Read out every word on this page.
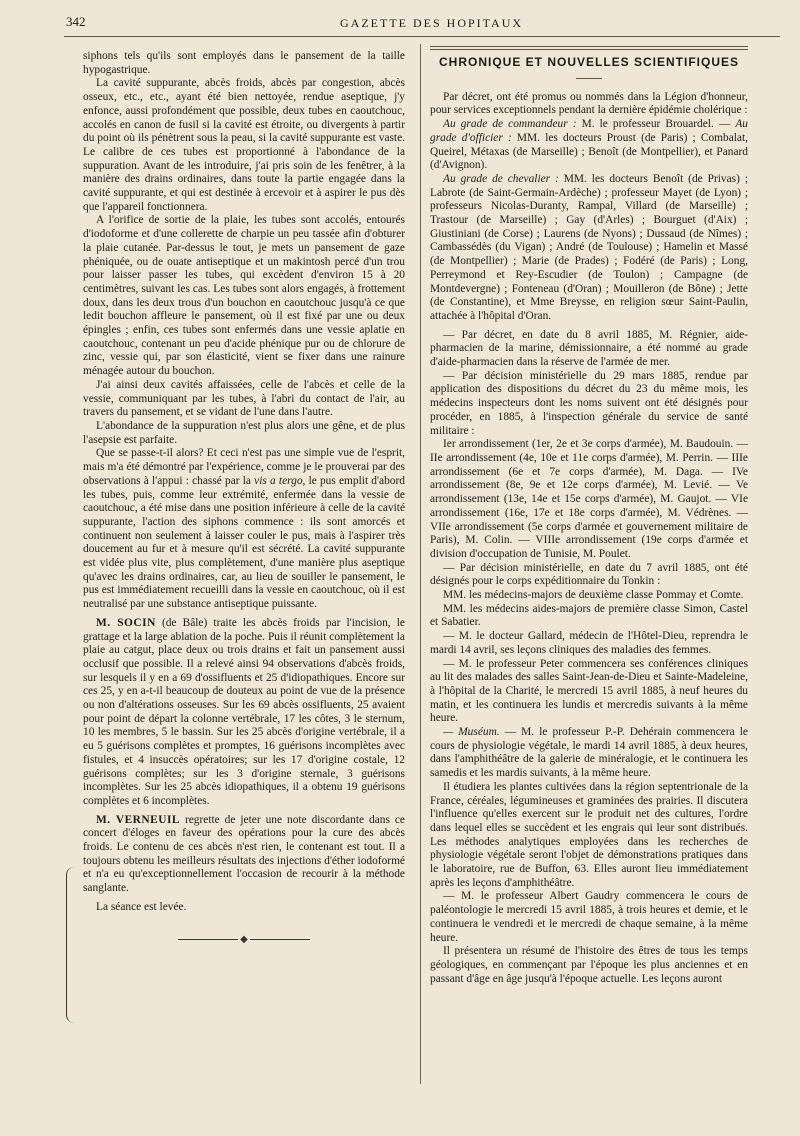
342	GAZETTE DES HOPITAUX

siphons tels qu'ils sont employés dans le pansement de la taille hypogastrique.

La cavité suppurante, abcès froids, abcès par congestion, abcès osseux, etc., etc., ayant été bien nettoyée, rendue aseptique, j'y enfonce, aussi profondément que possible, deux tubes en caoutchouc, accolés en canon de fusil si la cavité est étroite, ou divergents à partir du point où ils pénètrent sous la peau, si la cavité suppurante est vaste. Le calibre de ces tubes est proportionné à l'abondance de la suppuration. Avant de les introduire, j'ai pris soin de les fenêtrer, à la manière des drains ordinaires, dans toute la partie engagée dans la cavité suppurante, et qui est destinée à ercevoir et à aspirer le pus dès que l'appareil fonctionnera.

A l'orifice de sortie de la plaie, les tubes sont accolés, entourés d'iodoforme et d'une collerette de charpie un peu tassée afin d'obturer la plaie cutanée. Par-dessus le tout, je mets un pansement de gaze phéniquée, ou de ouate antiseptique et un makintosh percé d'un trou pour laisser passer les tubes, qui excèdent d'environ 15 à 20 centimètres, suivant les cas. Les tubes sont alors engagés, à frottement doux, dans les deux trous d'un bouchon en caoutchouc jusqu'à ce que ledit bouchon affleure le pansement, où il est fixé par une ou deux épingles ; enfin, ces tubes sont enfermés dans une vessie aplatie en caoutchouc, contenant un peu d'acide phénique pur ou de chlorure de zinc, vessie qui, par son élasticité, vient se fixer dans une rainure ménagée autour du bouchon.

J'ai ainsi deux cavités affaissées, celle de l'abcès et celle de la vessie, communiquant par les tubes, à l'abri du contact de l'air, au travers du pansement, et se vidant de l'une dans l'autre.

L'abondance de la suppuration n'est plus alors une gêne, et de plus l'asepsie est parfaite.

Que se passe-t-il alors? Et ceci n'est pas une simple vue de l'esprit, mais m'a été démontré par l'expérience, comme je le prouverai par des observations à l'appui : chassé par la vis a tergo, le pus emplit d'abord les tubes, puis, comme leur extrémité, enfermée dans la vessie de caoutchouc, a été mise dans une position inférieure à celle de la cavité suppurante, l'action des siphons commence : ils sont amorcés et continuent non seulement à laisser couler le pus, mais à l'aspirer très doucement au fur et à mesure qu'il est sécrété. La cavité suppurante est vidée plus vite, plus complètement, d'une manière plus aseptique qu'avec les drains ordinaires, car, au lieu de souiller le pansement, le pus est immédiatement recueilli dans la vessie en caoutchouc, où il est neutralisé par une substance antiseptique puissante.

M. SOCIN (de Bâle) traite les abcès froids par l'incision, le grattage et la large ablation de la poche. Puis il réunit complètement la plaie au catgut, place deux ou trois drains et fait un pansement aussi occlusif que possible. Il a relevé ainsi 94 observations d'abcès froids, sur lesquels il y en a 69 d'ossifluents et 25 d'idiopathiques. Encore sur ces 25, y en a-t-il beaucoup de douteux au point de vue de la présence ou non d'altérations osseuses. Sur les 69 abcès ossifluents, 25 avaient pour point de départ la colonne vertébrale, 17 les côtes, 3 le sternum, 10 les membres, 5 le bassin. Sur les 25 abcès d'origine vertébrale, il a eu 5 guérisons complètes et promptes, 16 guérisons incomplètes avec fistules, et 4 insuccès opératoires; sur les 17 d'origine costale, 12 guérisons complètes; sur les 3 d'origine sternale, 3 guérisons incomplètes. Sur les 25 abcès idiopathiques, il a obtenu 19 guérisons complètes et 6 incomplètes.

M. VERNEUIL regrette de jeter une note discordante dans ce concert d'éloges en faveur des opérations pour la cure des abcès froids. Le contenu de ces abcès n'est rien, le contenant est tout. Il a toujours obtenu les meilleurs résultats des injections d'éther iodoformé et n'a eu qu'exceptionnellement l'occasion de recourir à la méthode sanglante.

La séance est levée.

◆
CHRONIQUE ET NOUVELLES SCIENTIFIQUES

Par décret, ont été promus ou nommés dans la Légion d'honneur, pour services exceptionnels pendant la dernière épidémie cholérique :

Au grade de commandeur : M. le professeur Brouardel. — Au grade d'officier : MM. les docteurs Proust (de Paris) ; Combalat, Queirel, Métaxas (de Marseille) ; Benoît (de Montpellier), et Panard (d'Avignon).

Au grade de chevalier : MM. les docteurs Benoît (de Privas) ; Labrote (de Saint-Germain-Ardèche) ; professeur Mayet (de Lyon) ; professeurs Nicolas-Duranty, Rampal, Villard (de Marseille) ; Trastour (de Marseille) ; Gay (d'Arles) ; Bourguet (d'Aix) ; Giustiniani (de Corse) ; Laurens (de Nyons) ; Dussaud (de Nîmes) ; Cambassédès (du Vigan) ; André (de Toulouse) ; Hamelin et Massé (de Montpellier) ; Marie (de Prades) ; Fodéré (de Paris) ; Long, Perreymond et Rey-Escudier (de Toulon) ; Campagne (de Montdevergne) ; Fonteneau (d'Oran) ; Mouilleron (de Bône) ; Jette (de Constantine), et Mme Breysse, en religion sœur Saint-Paulin, attachée à l'hôpital d'Oran.

— Par décret, en date du 8 avril 1885, M. Régnier, aide-pharmacien de la marine, démissionnaire, a été nommé au grade d'aide-pharmacien dans la réserve de l'armée de mer.

— Par décision ministérielle du 29 mars 1885, rendue par application des dispositions du décret du 23 du même mois, les médecins inspecteurs dont les noms suivent ont été désignés pour procéder, en 1885, à l'inspection générale du service de santé militaire :

Ier arrondissement (1er, 2e et 3e corps d'armée), M. Baudouin. — IIe arrondissement (4e, 10e et 11e corps d'armée), M. Perrin. — IIIe arrondissement (6e et 7e corps d'armée), M. Daga. — IVe arrondissement (8e, 9e et 12e corps d'armée), M. Levié. — Ve arrondissement (13e, 14e et 15e corps d'armée), M. Gaujot. — VIe arrondissement (16e, 17e et 18e corps d'armée), M. Védrènes. — VIIe arrondissement (5e corps d'armée et gouvernement militaire de Paris), M. Colin. — VIIIe arrondissement (19e corps d'armée et division d'occupation de Tunisie, M. Poulet.

— Par décision ministérielle, en date du 7 avril 1885, ont été désignés pour le corps expéditionnaire du Tonkin :

MM. les médecins-majors de deuxième classe Pommay et Comte.

MM. les médecins aides-majors de première classe Simon, Castel et Sabatier.

— M. le docteur Gallard, médecin de l'Hôtel-Dieu, reprendra le mardi 14 avril, ses leçons cliniques des maladies des femmes.

— M. le professeur Peter commencera ses conférences cliniques au lit des malades des salles Saint-Jean-de-Dieu et Sainte-Madeleine, à l'hôpital de la Charité, le mercredi 15 avril 1885, à neuf heures du matin, et les continuera les lundis et mercredis suivants à la même heure.

— Muséum. — M. le professeur P.-P. Dehérain commencera le cours de physiologie végétale, le mardi 14 avril 1885, à deux heures, dans l'amphithéâtre de la galerie de minéralogie, et le continuera les samedis et les mardis suivants, à la même heure.

Il étudiera les plantes cultivées dans la région septentrionale de la France, céréales, légumineuses et graminées des prairies. Il discutera l'influence qu'elles exercent sur le produit net des cultures, l'ordre dans lequel elles se succèdent et les engrais qui leur sont distribués. Les méthodes analytiques employées dans les recherches de physiologie végétale seront l'objet de démonstrations pratiques dans le laboratoire, rue de Buffon, 63. Elles auront lieu immédiatement après les leçons d'amphithéâtre.

— M. le professeur Albert Gaudry commencera le cours de paléontologie le mercredi 15 avril 1885, à trois heures et demie, et le continuera le vendredi et le mercredi de chaque semaine, à la même heure.

Il présentera un résumé de l'histoire des êtres de tous les temps géologiques, en commençant par l'époque les plus anciennes et en passant d'âge en âge jusqu'à l'époque actuelle. Les leçons auront
